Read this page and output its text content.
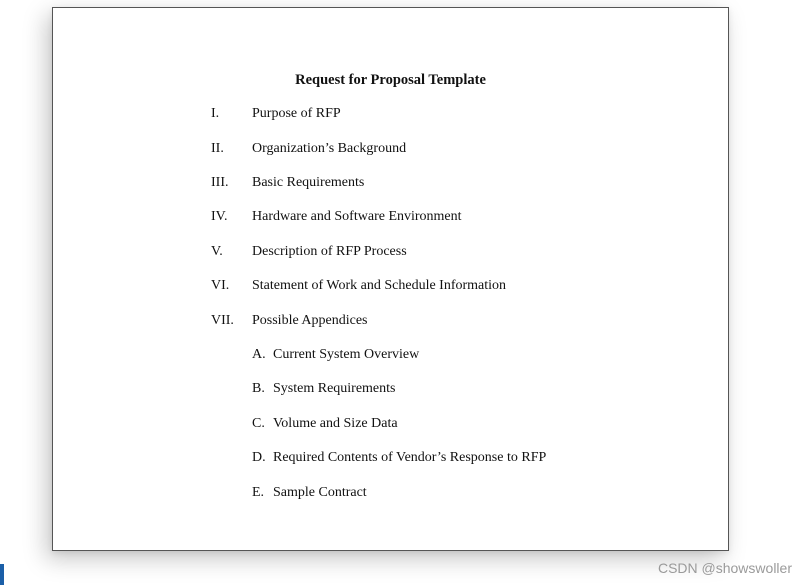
Request for Proposal Template
I. Purpose of RFP
II. Organization’s Background
III. Basic Requirements
IV. Hardware and Software Environment
V. Description of RFP Process
VI. Statement of Work and Schedule Information
VII. Possible Appendices
A. Current System Overview
B. System Requirements
C. Volume and Size Data
D. Required Contents of Vendor’s Response to RFP
E. Sample Contract
CSDN @showswoller
